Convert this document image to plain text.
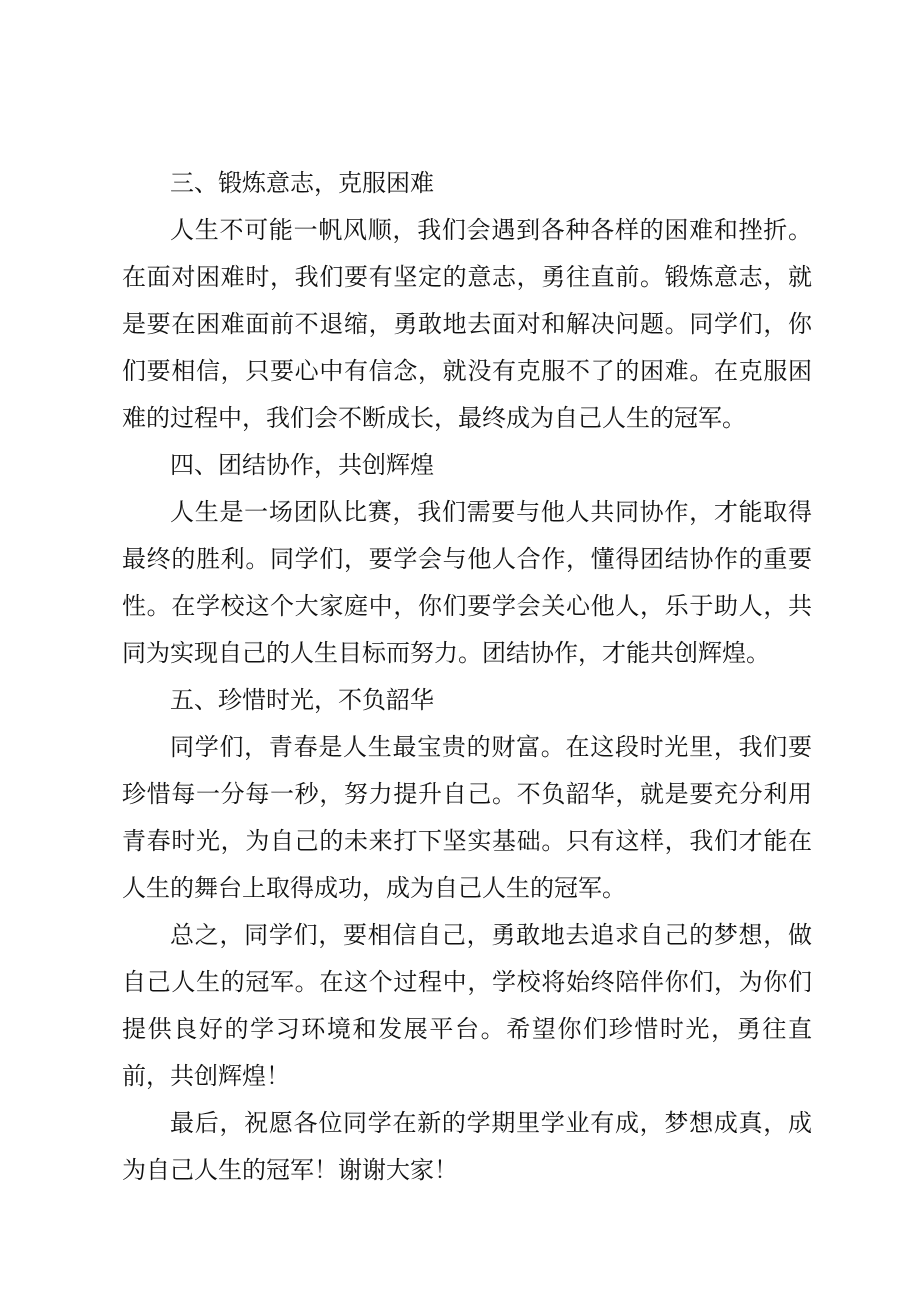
三、锻炼意志，克服困难

人生不可能一帆风顺，我们会遇到各种各样的困难和挫折。在面对困难时，我们要有坚定的意志，勇往直前。锻炼意志，就是要在困难面前不退缩，勇敢地去面对和解决问题。同学们，你们要相信，只要心中有信念，就没有克服不了的困难。在克服困难的过程中，我们会不断成长，最终成为自己人生的冠军。

四、团结协作，共创辉煌

人生是一场团队比赛，我们需要与他人共同协作，才能取得最终的胜利。同学们，要学会与他人合作，懂得团结协作的重要性。在学校这个大家庭中，你们要学会关心他人，乐于助人，共同为实现自己的人生目标而努力。团结协作，才能共创辉煌。

五、珍惜时光，不负韶华

同学们，青春是人生最宝贵的财富。在这段时光里，我们要珍惜每一分每一秒，努力提升自己。不负韶华，就是要充分利用青春时光，为自己的未来打下坚实基础。只有这样，我们才能在人生的舞台上取得成功，成为自己人生的冠军。

总之，同学们，要相信自己，勇敢地去追求自己的梦想，做自己人生的冠军。在这个过程中，学校将始终陪伴你们，为你们提供良好的学习环境和发展平台。希望你们珍惜时光，勇往直前，共创辉煌！

最后，祝愿各位同学在新的学期里学业有成，梦想成真，成为自己人生的冠军！谢谢大家！
